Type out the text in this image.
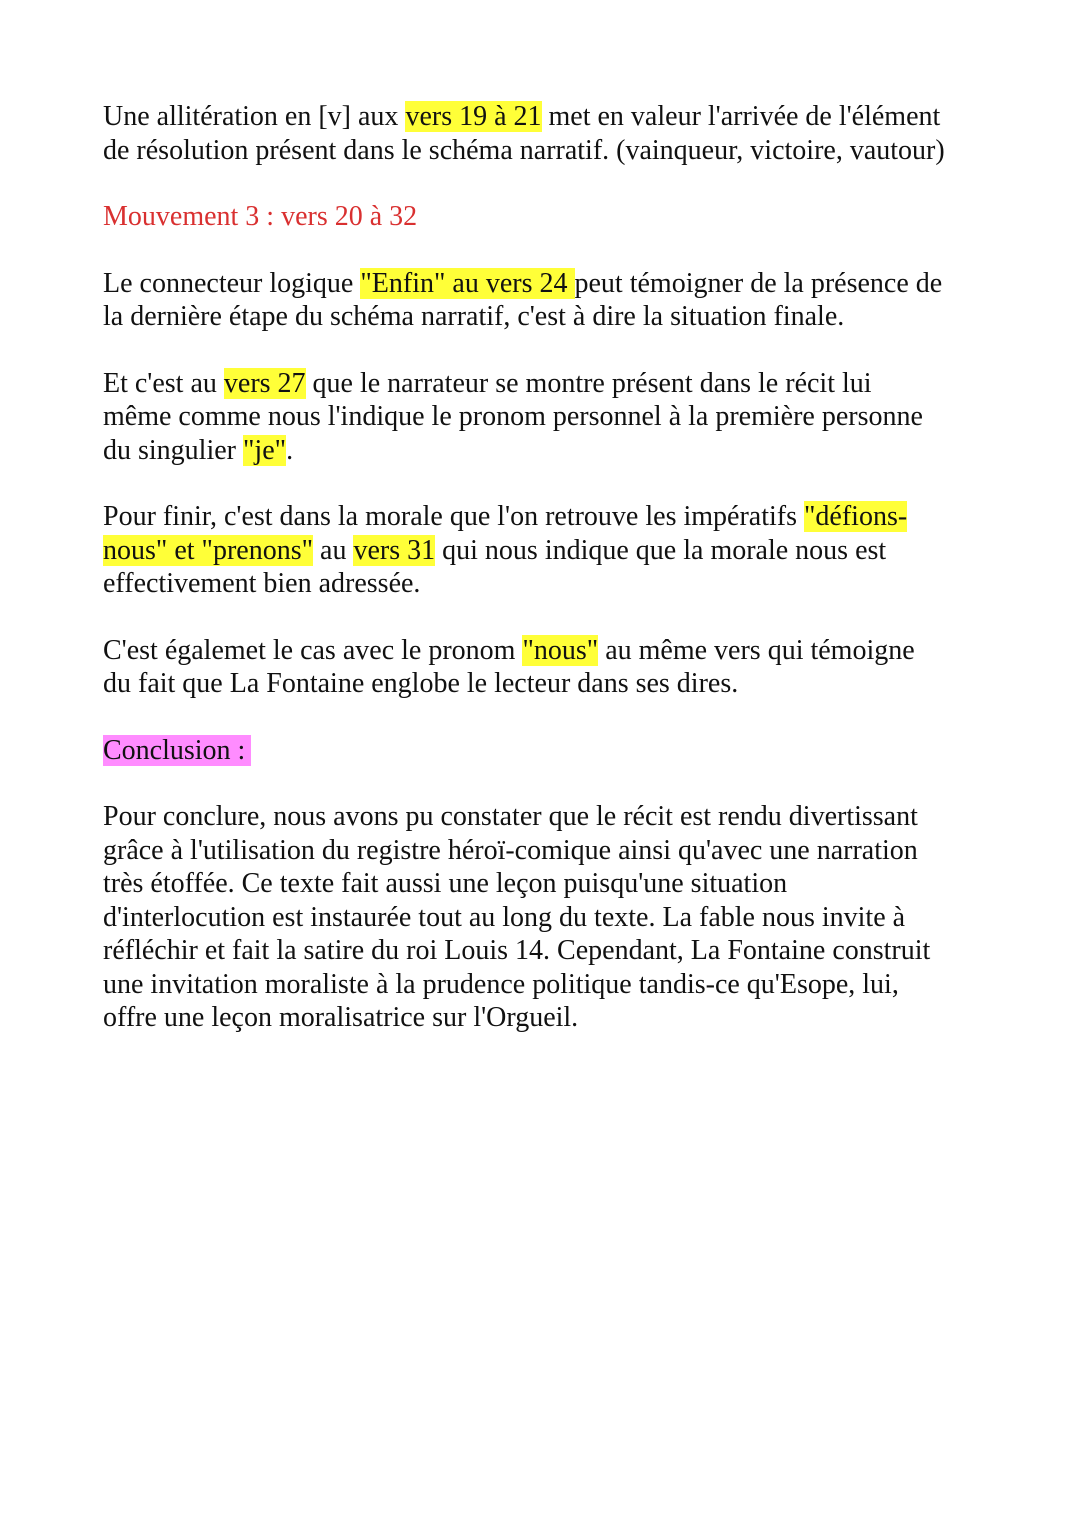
Une allitération en [v] aux vers 19 à 21 met en valeur l'arrivée de l'élément
de résolution présent dans le schéma narratif. (vainqueur, victoire, vautour)

Mouvement 3 : vers 20 à 32

Le connecteur logique "Enfin" au vers 24 peut témoigner de la présence de
la dernière étape du schéma narratif, c'est à dire la situation finale.

Et c'est au vers 27 que le narrateur se montre présent dans le récit lui
même comme nous l'indique le pronom personnel à la première personne
du singulier "je".

Pour finir, c'est dans la morale que l'on retrouve les impératifs "défions-
nous" et "prenons" au vers 31 qui nous indique que la morale nous est
effectivement bien adressée.

C'est égalemet le cas avec le pronom "nous" au même vers qui témoigne
du fait que La Fontaine englobe le lecteur dans ses dires.

Conclusion :

Pour conclure, nous avons pu constater que le récit est rendu divertissant
grâce à l'utilisation du registre héroï-comique ainsi qu'avec une narration
très étoffée. Ce texte fait aussi une leçon puisqu'une situation
d'interlocution est instaurée tout au long du texte. La fable nous invite à
réfléchir et fait la satire du roi Louis 14. Cependant, La Fontaine construit
une invitation moraliste à la prudence politique tandis-ce qu'Esope, lui,
offre une leçon moralisatrice sur l'Orgueil.
